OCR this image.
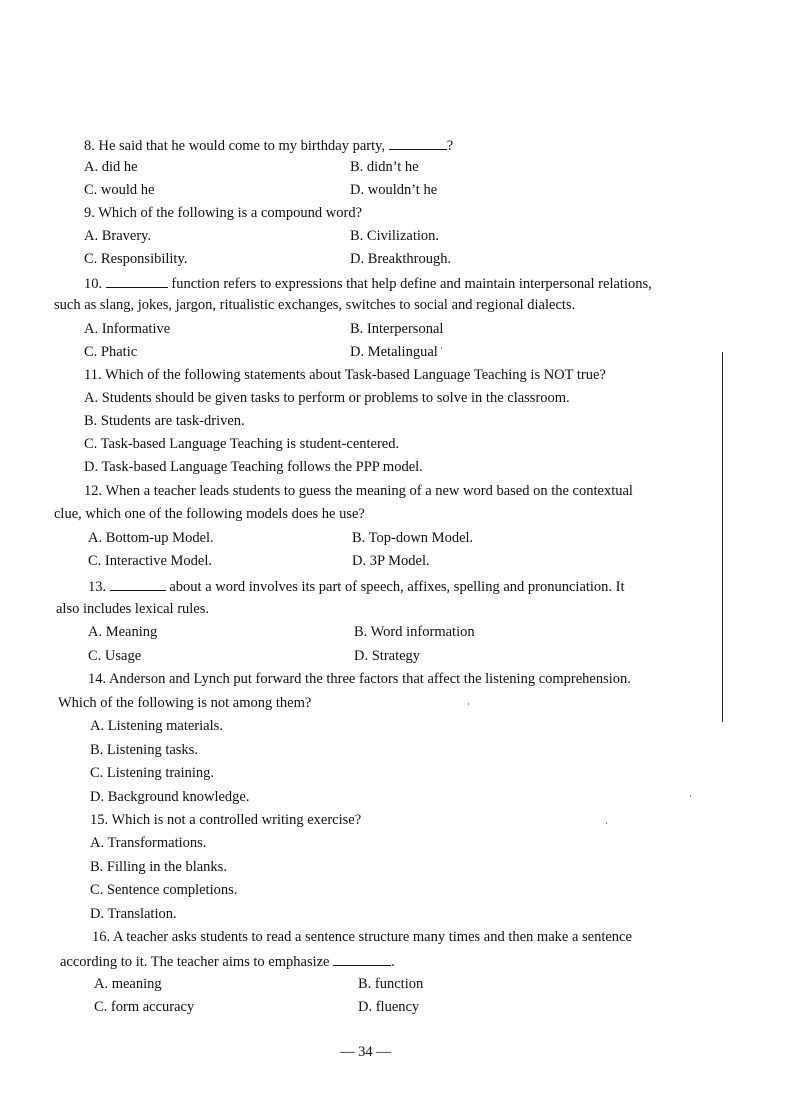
8. He said that he would come to my birthday party,	?
A. did he	B. didn’t he
C. would he	D. wouldn’t he
9. Which of the following is a compound word?
A. Bravery.	B. Civilization.
C. Responsibility.	D. Breakthrough.
10.	function refers to expressions that help define and maintain interpersonal relations,
such as slang, jokes, jargon, ritualistic exchanges, switches to social and regional dialects.
A. Informative	B. Interpersonal
C. Phatic	D. Metalingual
11. Which of the following statements about Task-based Language Teaching is NOT true?
A. Students should be given tasks to perform or problems to solve in the classroom.
B. Students are task-driven.
C. Task-based Language Teaching is student-centered.
D. Task-based Language Teaching follows the PPP model.
12. When a teacher leads students to guess the meaning of a new word based on the contextual
clue, which one of the following models does he use?
A. Bottom-up Model.	B. Top-down Model.
C. Interactive Model.	D. 3P Model.
13.	about a word involves its part of speech, affixes, spelling and pronunciation. It
also includes lexical rules.
A. Meaning	B. Word information
C. Usage	D. Strategy
14. Anderson and Lynch put forward the three factors that affect the listening comprehension.
Which of the following is not among them?
A. Listening materials.
B. Listening tasks.
C. Listening training.
D. Background knowledge.
15. Which is not a controlled writing exercise?
A. Transformations.
B. Filling in the blanks.
C. Sentence completions.
D. Translation.
16. A teacher asks students to read a sentence structure many times and then make a sentence
according to it. The teacher aims to emphasize	.
A. meaning	B. function
C. form accuracy	D. fluency
— 34 —
